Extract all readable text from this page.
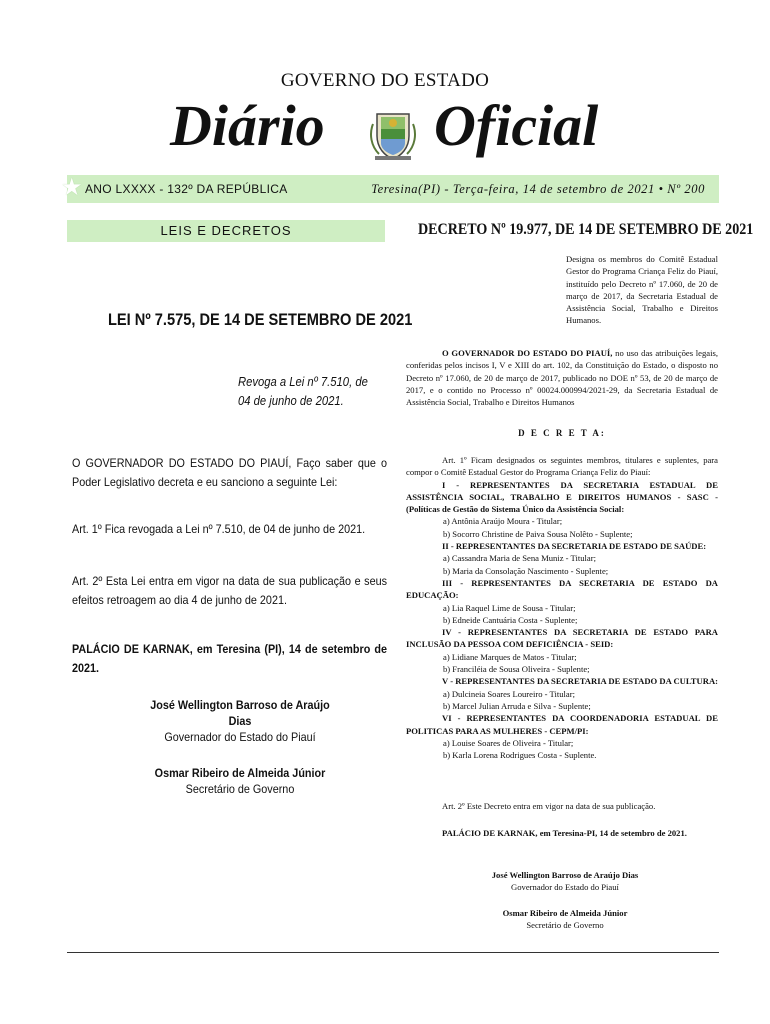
GOVERNO DO ESTADO
Diário Oficial
★ ANO LXXXX - 132º DA REPÚBLICA	Teresina(PI) - Terça-feira, 14 de setembro de 2021 • Nº 200
LEIS E DECRETOS
LEI Nº 7.575, DE 14 DE SETEMBRO DE 2021
Revoga a Lei nº 7.510, de 04 de junho de 2021.
O GOVERNADOR DO ESTADO DO PIAUÍ, Faço saber que o Poder Legislativo decreta e eu sanciono a seguinte Lei:
Art. 1º Fica revogada a Lei nº 7.510, de 04 de junho de 2021.
Art. 2º Esta Lei entra em vigor na data de sua publicação e seus efeitos retroagem ao dia 4 de junho de 2021.
PALÁCIO DE KARNAK, em Teresina (PI), 14 de setembro de 2021.
José Wellington Barroso de Araújo Dias
Governador do Estado do Piauí
Osmar Ribeiro de Almeida Júnior
Secretário de Governo
DECRETO Nº 19.977, DE 14 DE SETEMBRO DE 2021
Designa os membros do Comitê Estadual Gestor do Programa Criança Feliz do Piauí, instituído pelo Decreto nº 17.060, de 20 de março de 2017, da Secretaria Estadual de Assistência Social, Trabalho e Direitos Humanos.
O GOVERNADOR DO ESTADO DO PIAUÍ, no uso das atribuições legais, conferidas pelos incisos I, V e XIII do art. 102, da Constituição do Estado, o disposto no Decreto nº 17.060, de 20 de março de 2017, publicado no DOE nº 53, de 20 de março de 2017, e o contido no Processo nº 00024.000994/2021-29, da Secretaria Estadual de Assistência Social, Trabalho e Direitos Humanos
D E C R E T A:

Art. 1º Ficam designados os seguintes membros, titulares e suplentes, para compor o Comitê Estadual Gestor do Programa Criança Feliz do Piauí:

I - REPRESENTANTES DA SECRETARIA ESTADUAL DE ASSISTÊNCIA SOCIAL, TRABALHO E DIREITOS HUMANOS - SASC - (Políticas de Gestão do Sistema Único da Assistência Social:

a) Antônia Araújo Moura - Titular;

b) Socorro Christine de Paiva Sousa Nolêto - Suplente;

II - REPRESENTANTES DA SECRETARIA DE ESTADO DE SAÚDE:

a) Cassandra Maria de Sena Muniz - Titular;

b) Maria da Consolação Nascimento - Suplente;

III - REPRESENTANTES DA SECRETARIA DE ESTADO DA EDUCAÇÃO:

a) Lia Raquel Lime de Sousa - Titular;

b) Edneide Cantuária Costa - Suplente;

IV - REPRESENTANTES DA SECRETARIA DE ESTADO PARA INCLUSÃO DA PESSOA COM DEFICIÊNCIA - SEID:

a) Lidiane Marques de Matos - Titular;

b) Franciléia de Sousa Oliveira - Suplente;

V - REPRESENTANTES DA SECRETARIA DE ESTADO DA CULTURA:

a) Dulcineia Soares Loureiro - Titular;

b) Marcel Julian Arruda e Silva - Suplente;

VI - REPRESENTANTES DA COORDENADORIA ESTADUAL DE POLITICAS PARA AS MULHERES - CEPM/PI:

a) Louise Soares de Oliveira - Titular;

b) Karla Lorena Rodrigues Costa - Suplente.

Art. 2º Este Decreto entra em vigor na data de sua publicação.
PALÁCIO DE KARNAK, em Teresina-PI, 14 de setembro de 2021.
José Wellington Barroso de Araújo Dias
Governador do Estado do Piauí
Osmar Ribeiro de Almeida Júnior
Secretário de Governo
